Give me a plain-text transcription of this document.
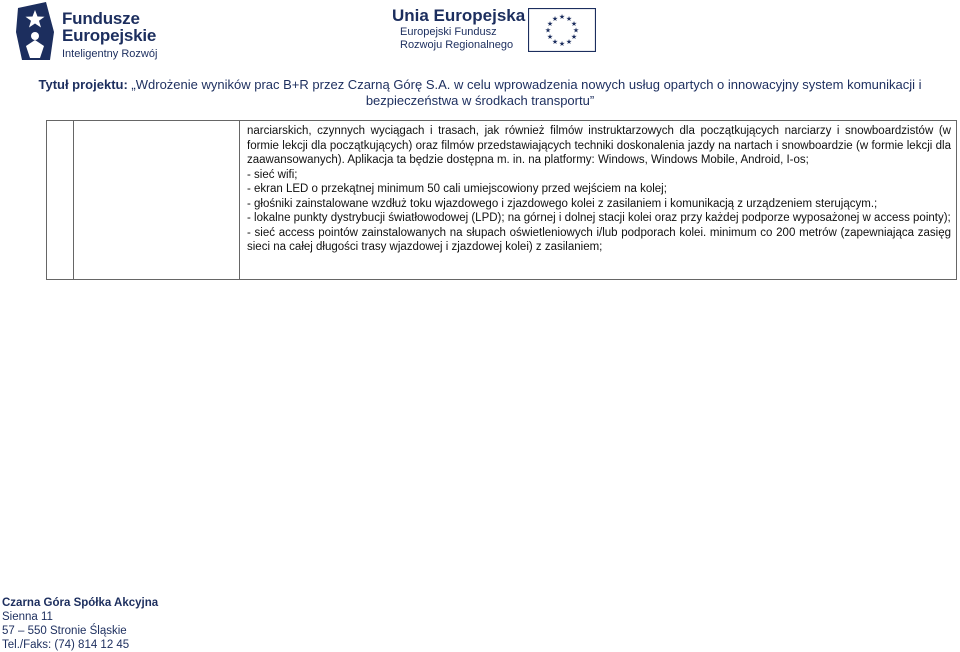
Fundusze
Europejskie
Inteligentny Rozwój
Unia Europejska
Europejski Fundusz
Rozwoju Regionalnego
★ ★
★
★
★
★
★
★
★
★
★
★
Tytuł projektu: „Wdrożenie wyników prac B+R przez Czarną Górę S.A. w celu wprowadzenia nowych usług opartych o innowacyjny system komunikacji i bezpieczeństwa w środkach transportu”

narciarskich, czynnych wyciągach i trasach, jak również filmów instruktarzowych dla początkujących narciarzy i snowboardzistów (w formie lekcji dla początkujących) oraz filmów przedstawiających techniki doskonalenia jazdy na nartach i snowboardzie (w formie lekcji dla zaawansowanych). Aplikacja ta będzie dostępna m. in. na platformy: Windows, Windows Mobile, Android, I-os;

- sieć wifi;

- ekran LED o przekątnej minimum 50 cali umiejscowiony przed wejściem na kolej;

- głośniki zainstalowane wzdłuż toku wjazdowego i zjazdowego kolei z zasilaniem i komunikacją z urządzeniem sterującym.;

- lokalne punkty dystrybucji światłowodowej (LPD); na górnej i dolnej stacji kolei oraz przy każdej podporze wyposażonej w access pointy);

- sieć access pointów zainstalowanych na słupach oświetleniowych i/lub podporach kolei. minimum co 200 metrów (zapewniająca zasięg sieci na całej długości trasy wjazdowej i zjazdowej kolei) z zasilaniem;

Czarna Góra Spółka Akcyjna
Sienna 11
57 – 550 Stronie Śląskie
Tel./Faks: (74) 814 12 45
